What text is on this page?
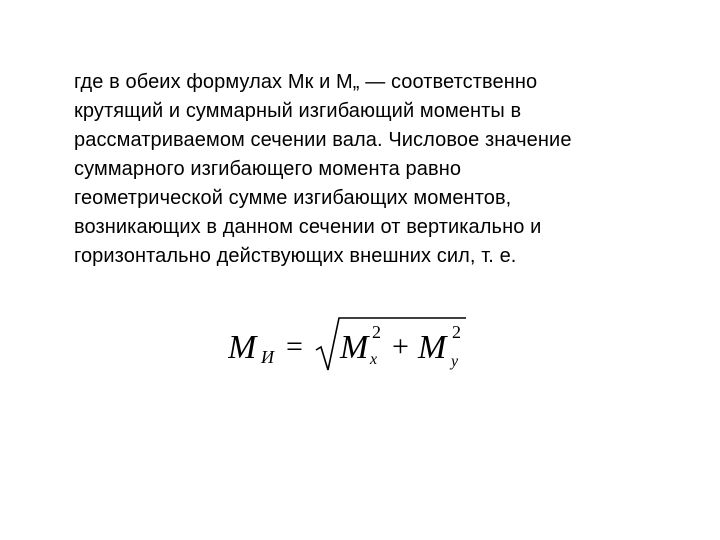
где в обеих формулах Мк и М„ — соответственно
крутящий и суммарный изгибающий моменты в
рассматриваемом сечении вала. Числовое значение
суммарного изгибающего момента равно
геометрической сумме изгибающих моментов,
возникающих в данном сечении от вертикально и
горизонтально действующих внешних сил, т. е.
M И = M 2
x + M 2
y
